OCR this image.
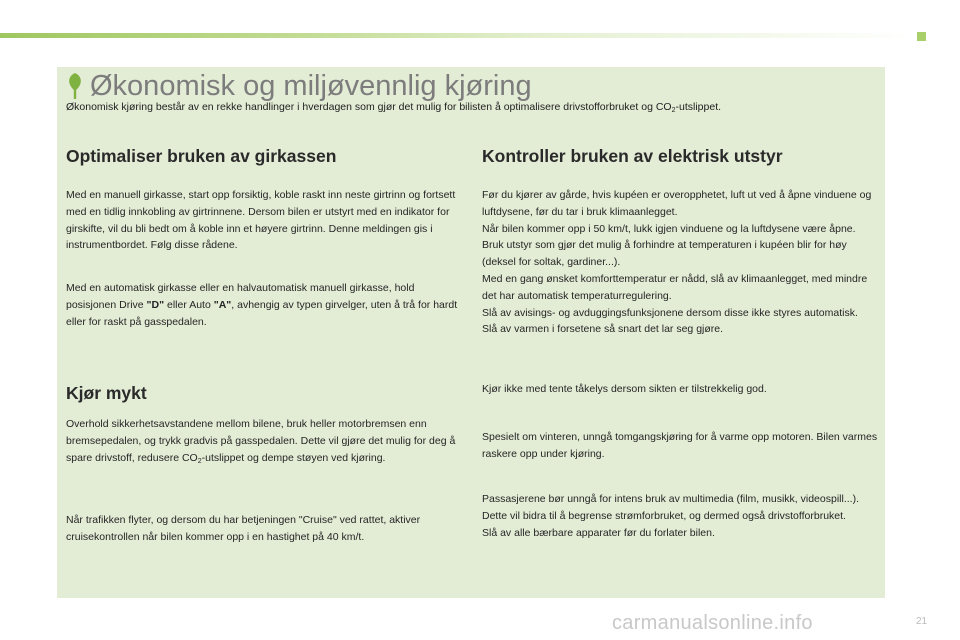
Økonomisk og miljøvennlig kjøring
Økonomisk kjøring består av en rekke handlinger i hverdagen som gjør det mulig for bilisten å optimalisere drivstofforbruket og $CO_2$-utslippet.
Optimaliser bruken av girkassen

Med en manuell girkasse, start opp forsiktig, koble raskt inn neste girtrinn og fortsett med en tidlig innkobling av girtrinnene. Dersom bilen er utstyrt med en indikator for girskifte, vil du bli bedt om å koble inn et høyere girtrinn. Denne meldingen gis i instrumentbordet. Følg disse rådene.

Med en automatisk girkasse eller en halvautomatisk manuell girkasse, hold posisjonen Drive "D" eller Auto "A", avhengig av typen girvelger, uten å trå for hardt eller for raskt på gasspedalen.

Kjør mykt

Overhold sikkerhetsavstandene mellom bilene, bruk heller motorbremsen enn bremsepedalen, og trykk gradvis på gasspedalen. Dette vil gjøre det mulig for deg å spare drivstoff, redusere $CO_2$-utslippet og dempe støyen ved kjøring.

Når trafikken flyter, og dersom du har betjeningen "Cruise" ved rattet, aktiver cruisekontrollen når bilen kommer opp i en hastighet på 40 km/t.

Kontroller bruken av elektrisk utstyr

Før du kjører av gårde, hvis kupéen er overopphetet, luft ut ved å åpne vinduene og luftdysene, før du tar i bruk klimaanlegget.
Når bilen kommer opp i 50 km/t, lukk igjen vinduene og la luftdysene være åpne.
Bruk utstyr som gjør det mulig å forhindre at temperaturen i kupéen blir for høy (deksel for soltak, gardiner...).
Med en gang ønsket komforttemperatur er nådd, slå av klimaanlegget, med mindre det har automatisk temperaturregulering.
Slå av avisings- og avduggingsfunksjonene dersom disse ikke styres automatisk.
Slå av varmen i forsetene så snart det lar seg gjøre.

Kjør ikke med tente tåkelys dersom sikten er tilstrekkelig god.

Spesielt om vinteren, unngå tomgangskjøring for å varme opp motoren. Bilen varmes raskere opp under kjøring.

Passasjerene bør unngå for intens bruk av multimedia (film, musikk, videospill...). Dette vil bidra til å begrense strømforbruket, og dermed også drivstofforbruket.
Slå av alle bærbare apparater før du forlater bilen.

21
carmanualsonline.info
